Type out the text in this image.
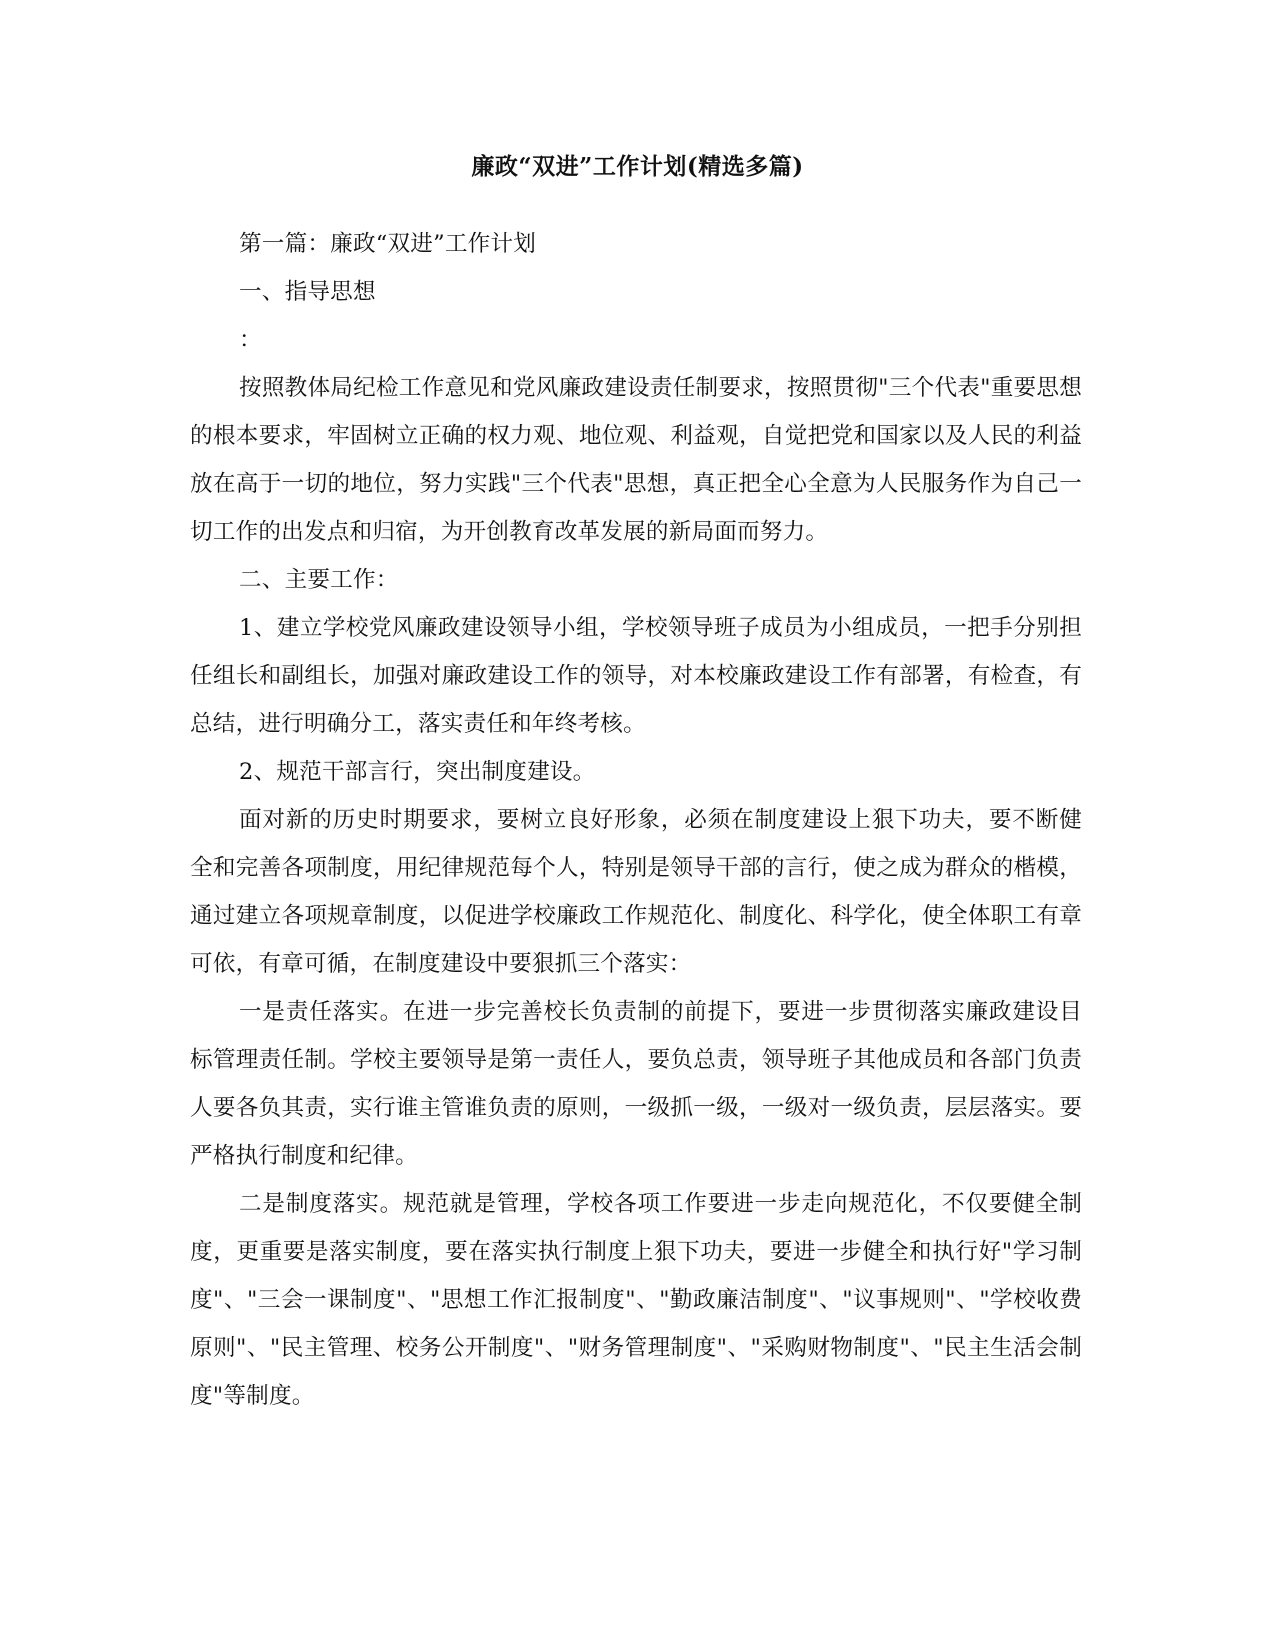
廉政“双进”工作计划(精选多篇)

第一篇：廉政“双进”工作计划

一、指导思想

：

按照教体局纪检工作意见和党风廉政建设责任制要求，按照贯彻"三个代表"重要思想的根本要求，牢固树立正确的权力观、地位观、利益观，自觉把党和国家以及人民的利益放在高于一切的地位，努力实践"三个代表"思想，真正把全心全意为人民服务作为自己一切工作的出发点和归宿，为开创教育改革发展的新局面而努力。

二、主要工作：

1、建立学校党风廉政建设领导小组，学校领导班子成员为小组成员，一把手分别担任组长和副组长，加强对廉政建设工作的领导，对本校廉政建设工作有部署，有检查，有总结，进行明确分工，落实责任和年终考核。

2、规范干部言行，突出制度建设。

面对新的历史时期要求，要树立良好形象，必须在制度建设上狠下功夫，要不断健全和完善各项制度，用纪律规范每个人，特别是领导干部的言行，使之成为群众的楷模，通过建立各项规章制度，以促进学校廉政工作规范化、制度化、科学化，使全体职工有章可依，有章可循，在制度建设中要狠抓三个落实：

一是责任落实。在进一步完善校长负责制的前提下，要进一步贯彻落实廉政建设目标管理责任制。学校主要领导是第一责任人，要负总责，领导班子其他成员和各部门负责人要各负其责，实行谁主管谁负责的原则，一级抓一级，一级对一级负责，层层落实。要严格执行制度和纪律。

二是制度落实。规范就是管理，学校各项工作要进一步走向规范化，不仅要健全制度，更重要是落实制度，要在落实执行制度上狠下功夫，要进一步健全和执行好"学习制度"、"三会一课制度"、"思想工作汇报制度"、"勤政廉洁制度"、"议事规则"、"学校收费原则"、"民主管理、校务公开制度"、"财务管理制度"、"采购财物制度"、"民主生活会制度"等制度。
